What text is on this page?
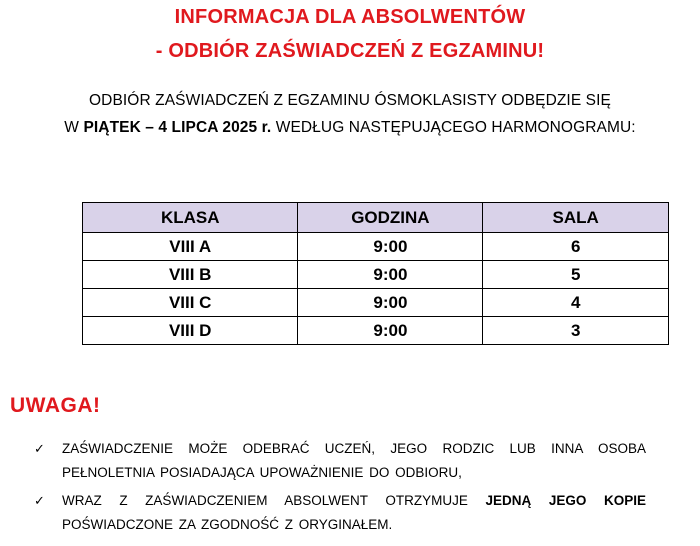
INFORMACJA DLA ABSOLWENTÓW
- ODBIÓR ZAŚWIADCZEŃ Z EGZAMINU!
ODBIÓR ZAŚWIADCZEŃ Z EGZAMINU ÓSMOKLASISTY ODBĘDZIE SIĘ
W PIĄTEK – 4 LIPCA 2025 r. WEDŁUG NASTĘPUJĄCEGO HARMONOGRAMU:
KLASA	GODZINA	SALA
VIII A	9:00	6
VIII B	9:00	5
VIII C	9:00	4
VIII D	9:00	3
UWAGA!
✓	ZAŚWIADCZENIE MOŻE ODEBRAĆ UCZEŃ, JEGO RODZIC LUB INNA OSOBA
PEŁNOLETNIA POSIADAJĄCA UPOWAŻNIENIE DO ODBIORU,
✓	WRAZ Z ZAŚWIADCZENIEM ABSOLWENT OTRZYMUJE JEDNĄ JEGO KOPIE
POŚWIADCZONE ZA ZGODNOŚĆ Z ORYGINAŁEM.
